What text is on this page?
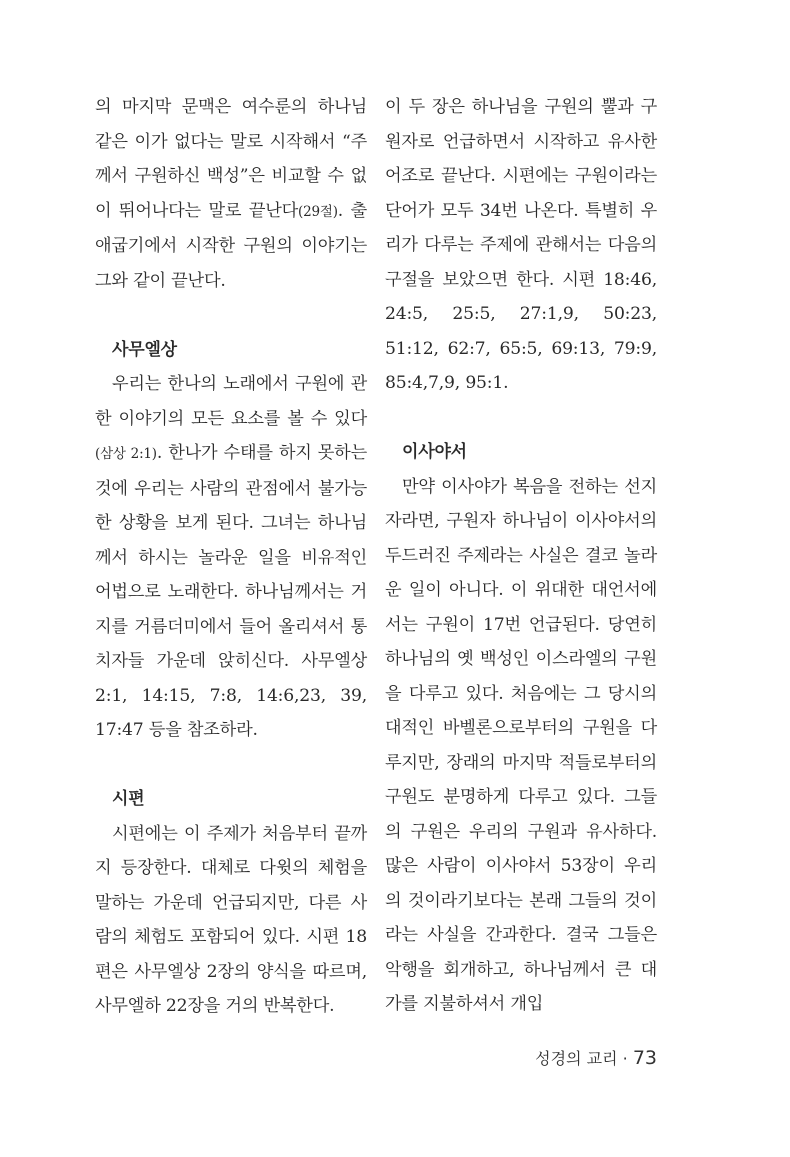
의 마지막 문맥은 여수룬의 하나님 같은 이가 없다는 말로 시작해서 “주께서 구원하신 백성”은 비교할 수 없이 뛰어나다는 말로 끝난다(29절). 출애굽기에서 시작한 구원의 이야기는 그와 같이 끝난다.

사무엘상

우리는 한나의 노래에서 구원에 관한 이야기의 모든 요소를 볼 수 있다(삼상 2:1). 한나가 수태를 하지 못하는 것에 우리는 사람의 관점에서 불가능한 상황을 보게 된다. 그녀는 하나님께서 하시는 놀라운 일을 비유적인 어법으로 노래한다. 하나님께서는 거지를 거름더미에서 들어 올리셔서 통치자들 가운데 앉히신다. 사무엘상 2:1, 14:15, 7:8, 14:6,23, 39, 17:47 등을 참조하라.

시편

시편에는 이 주제가 처음부터 끝까지 등장한다. 대체로 다윗의 체험을 말하는 가운데 언급되지만, 다른 사람의 체험도 포함되어 있다. 시편 18편은 사무엘상 2장의 양식을 따르며, 사무엘하 22장을 거의 반복한다.

이 두 장은 하나님을 구원의 뿔과 구원자로 언급하면서 시작하고 유사한 어조로 끝난다. 시편에는 구원이라는 단어가 모두 34번 나온다. 특별히 우리가 다루는 주제에 관해서는 다음의 구절을 보았으면 한다. 시편 18:46, 24:5, 25:5, 27:1,9, 50:23, 51:12, 62:7, 65:5, 69:13, 79:9, 85:4,7,9, 95:1.

이사야서

만약 이사야가 복음을 전하는 선지자라면, 구원자 하나님이 이사야서의 두드러진 주제라는 사실은 결코 놀라운 일이 아니다. 이 위대한 대언서에서는 구원이 17번 언급된다. 당연히 하나님의 옛 백성인 이스라엘의 구원을 다루고 있다. 처음에는 그 당시의 대적인 바벨론으로부터의 구원을 다루지만, 장래의 마지막 적들로부터의 구원도 분명하게 다루고 있다. 그들의 구원은 우리의 구원과 유사하다. 많은 사람이 이사야서 53장이 우리의 것이라기보다는 본래 그들의 것이라는 사실을 간과한다. 결국 그들은 악행을 회개하고, 하나님께서 큰 대가를 지불하셔서 개입

성경의 교리 · 73
